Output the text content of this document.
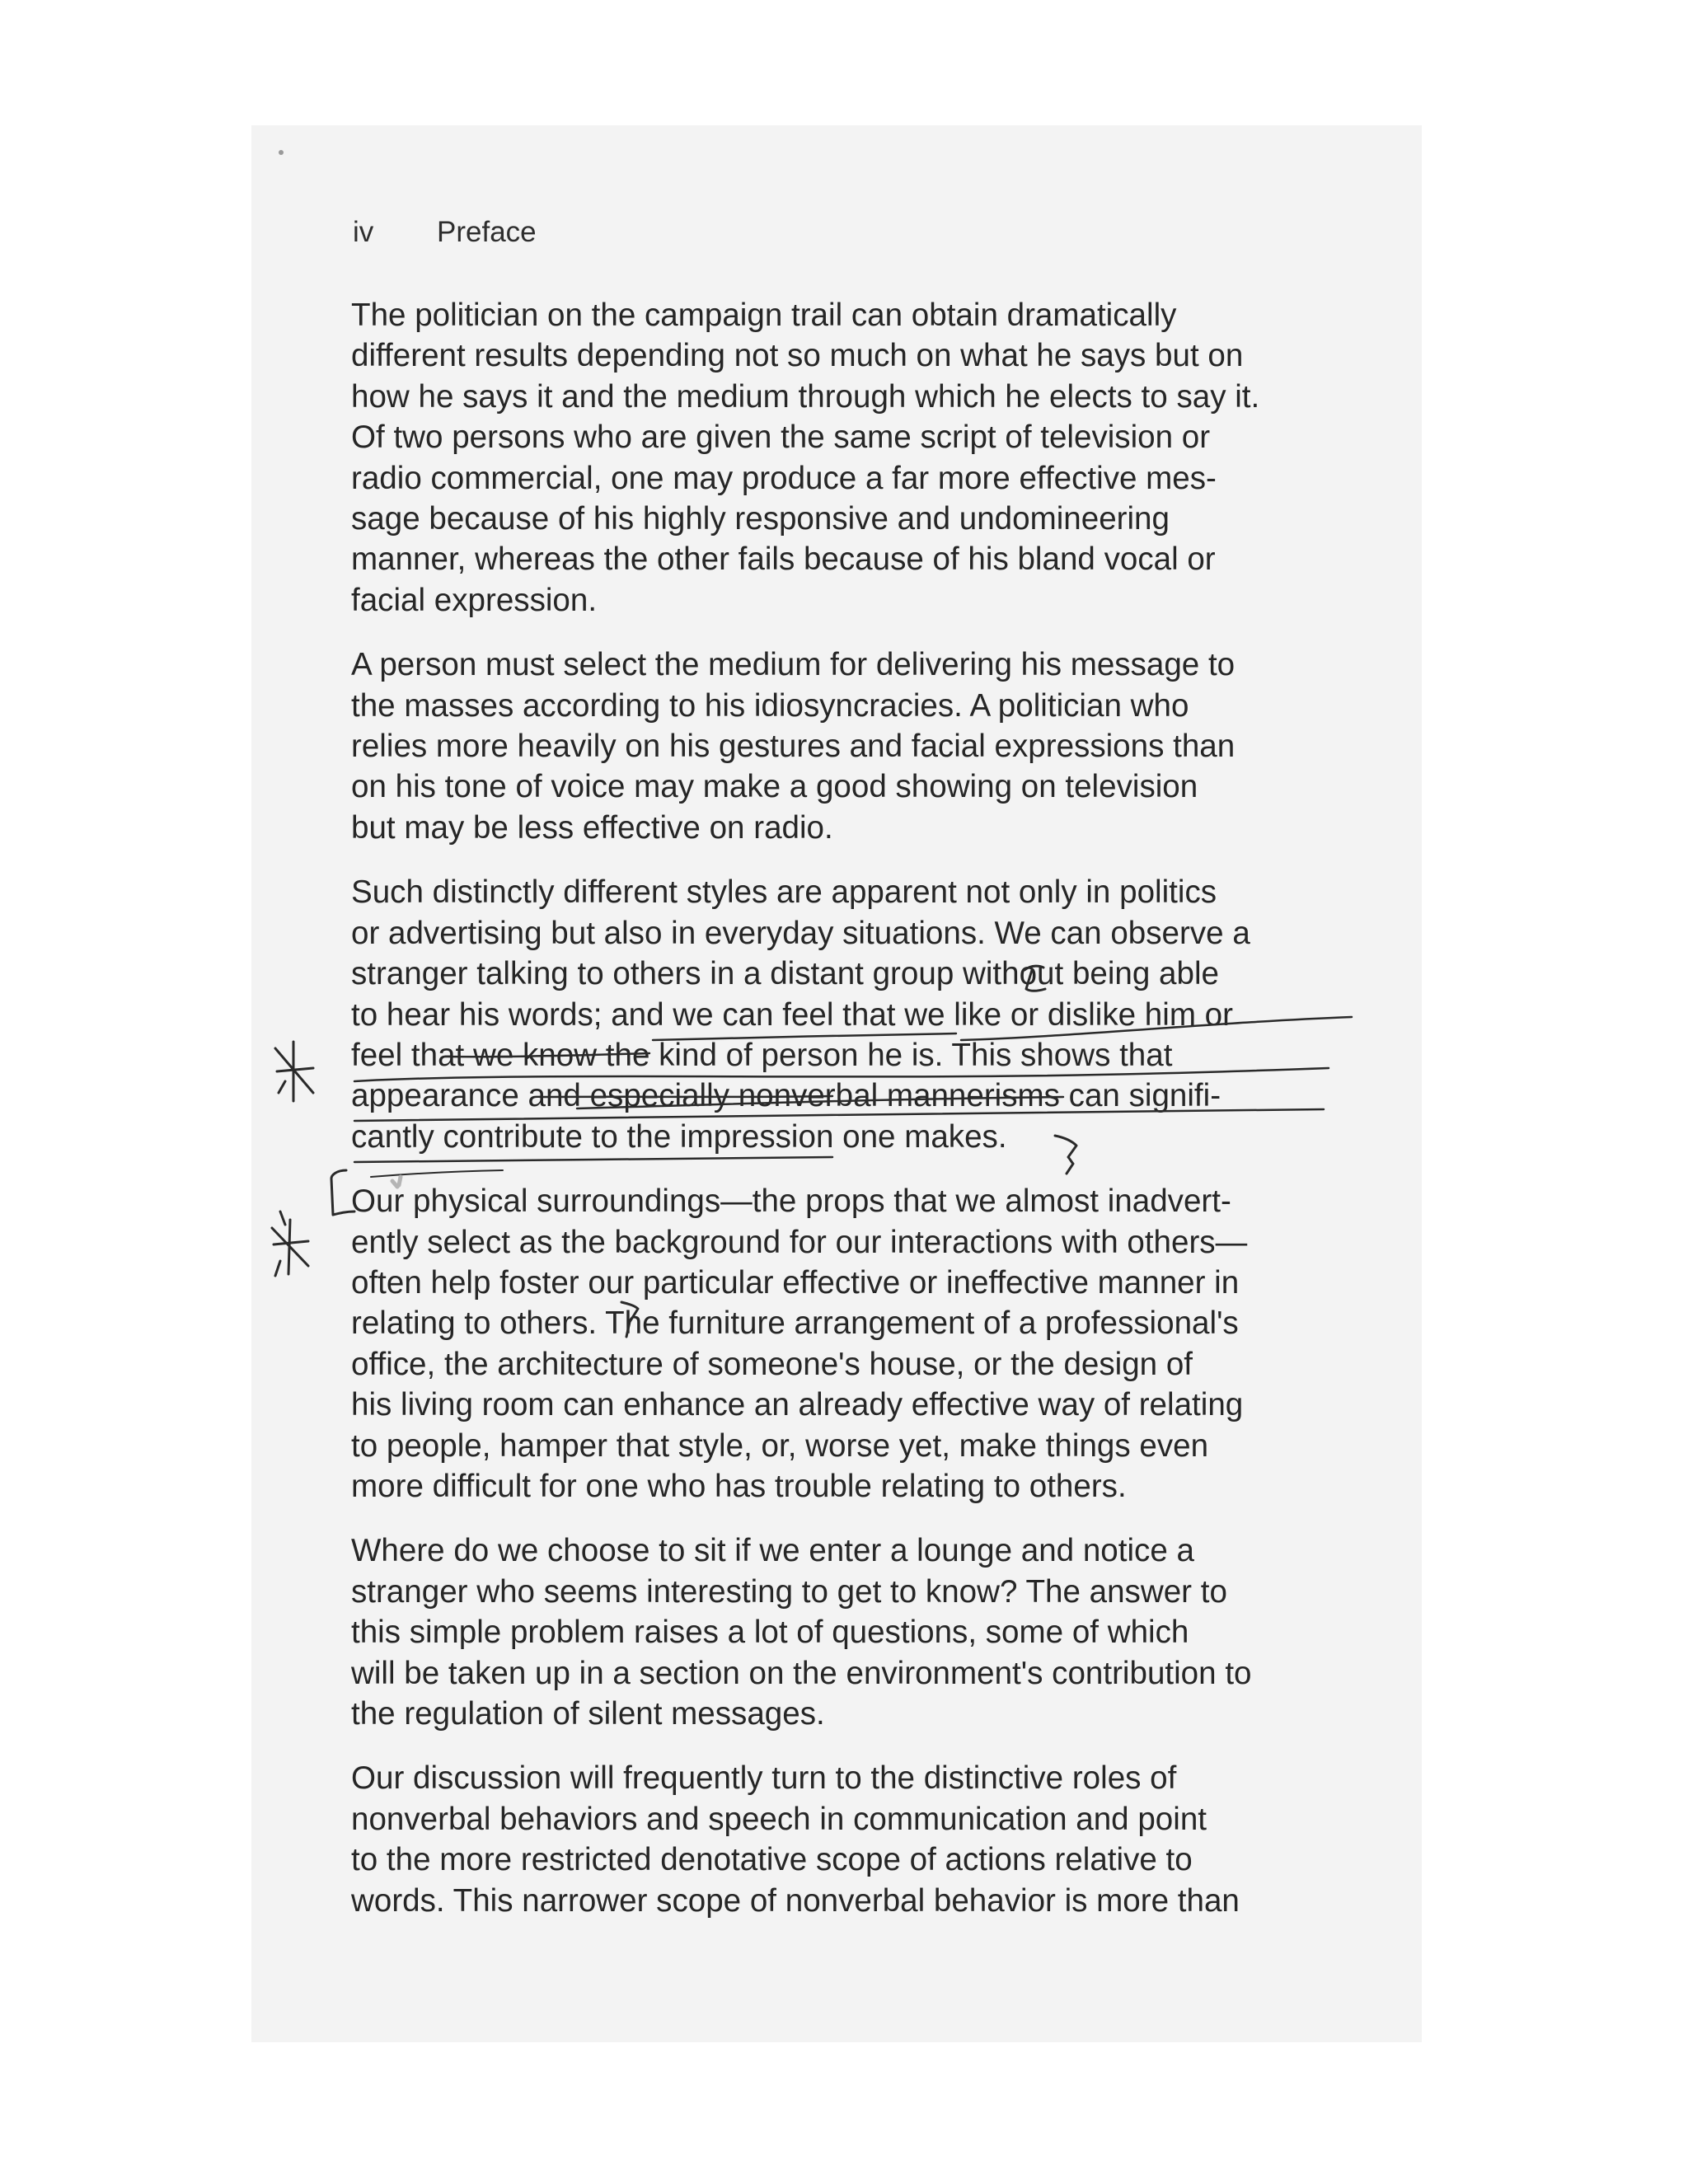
iv Preface

The politician on the campaign trail can obtain dramatically
different results depending not so much on what he says but on
how he says it and the medium through which he elects to say it.
Of two persons who are given the same script of television or
radio commercial, one may produce a far more effective mes-
sage because of his highly responsive and undomineering
manner, whereas the other fails because of his bland vocal or
facial expression.

A person must select the medium for delivering his message to
the masses according to his idiosyncracies. A politician who
relies more heavily on his gestures and facial expressions than
on his tone of voice may make a good showing on television
but may be less effective on radio.

Such distinctly different styles are apparent not only in politics
or advertising but also in everyday situations. We can observe a
stranger talking to others in a distant group without being able
to hear his words; and we can feel that we like or dislike him or
feel that we know the kind of person he is. This shows that
appearance and especially nonverbal mannerisms can signifi-
cantly contribute to the impression one makes.

Our physical surroundings—the props that we almost inadvert-
ently select as the background for our interactions with others—
often help foster our particular effective or ineffective manner in
relating to others. The furniture arrangement of a professional's
office, the architecture of someone's house, or the design of
his living room can enhance an already effective way of relating
to people, hamper that style, or, worse yet, make things even
more difficult for one who has trouble relating to others.

Where do we choose to sit if we enter a lounge and notice a
stranger who seems interesting to get to know? The answer to
this simple problem raises a lot of questions, some of which
will be taken up in a section on the environment's contribution to
the regulation of silent messages.

Our discussion will frequently turn to the distinctive roles of
nonverbal behaviors and speech in communication and point
to the more restricted denotative scope of actions relative to
words. This narrower scope of nonverbal behavior is more than
